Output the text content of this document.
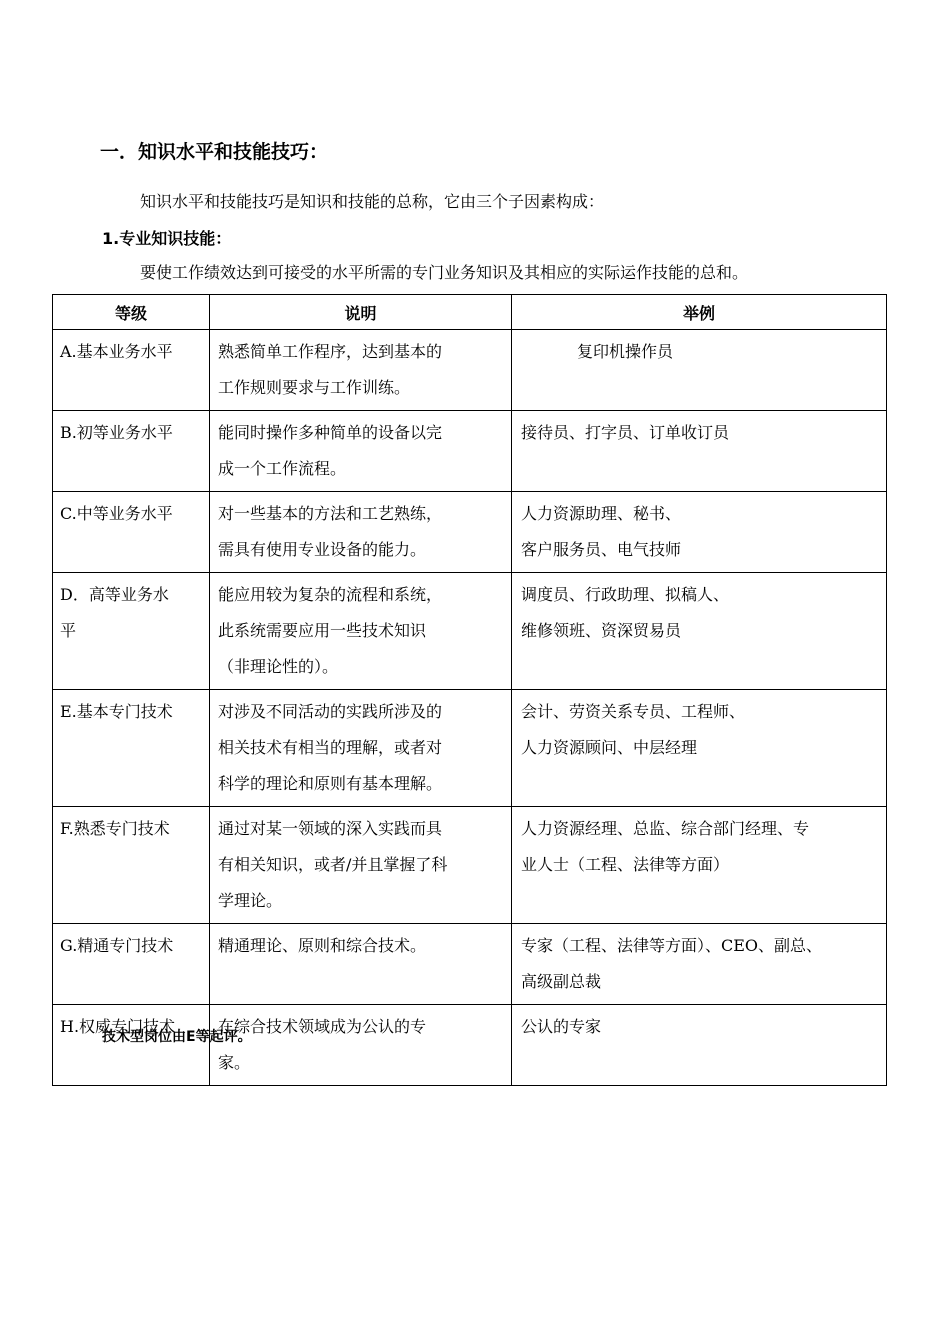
一．知识水平和技能技巧：
知识水平和技能技巧是知识和技能的总称，它由三个子因素构成：
1.专业知识技能：
要使工作绩效达到可接受的水平所需的专门业务知识及其相应的实际运作技能的总和。
等级	说明	举例

A.基本业务水平	熟悉简单工作程序，达到基本的
工作规则要求与工作训练。	复印机操作员

B.初等业务水平	能同时操作多种简单的设备以完
成一个工作流程。	接待员、打字员、订单收订员

C.中等业务水平	对一些基本的方法和工艺熟练，
需具有使用专业设备的能力。	人力资源助理、秘书、
客户服务员、电气技师

D．高等业务水
平	能应用较为复杂的流程和系统，
此系统需要应用一些技术知识
（非理论性的）。	调度员、行政助理、拟稿人、
维修领班、资深贸易员

E.基本专门技术	对涉及不同活动的实践所涉及的
相关技术有相当的理解，或者对
科学的理论和原则有基本理解。	会计、劳资关系专员、工程师、
人力资源顾问、中层经理

F.熟悉专门技术	通过对某一领域的深入实践而具
有相关知识，或者/并且掌握了科
学理论。	人力资源经理、总监、综合部门经理、专
业人士（工程、法律等方面）

G.精通专门技术	精通理论、原则和综合技术。	专家（工程、法律等方面）、CEO、副总、
高级副总裁

H.权威专门技术	在综合技术领域成为公认的专
家。	公认的专家
技术型岗位由E等起评。
